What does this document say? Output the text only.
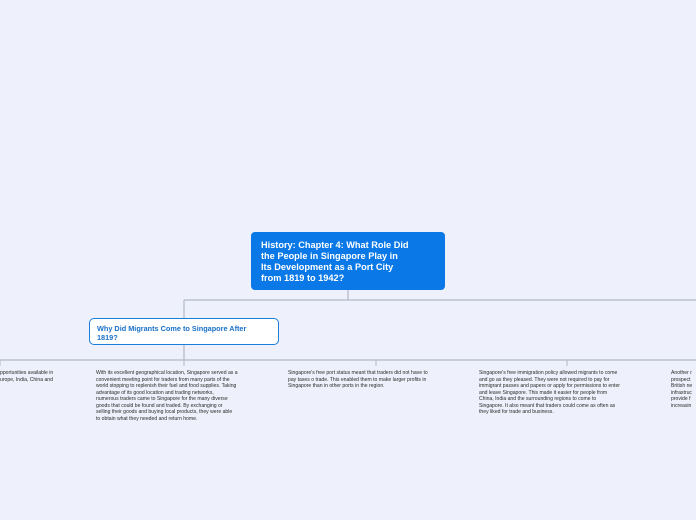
History: Chapter 4: What Role Did
the People in Singapore Play in
Its Development as a Port City
from 1819 to 1942?
Why Did Migrants Come to Singapore After
1819?
pportunities available in
urope, India, China and
With its excellent geographical location, Singapore served as a
convenient meeting point for traders from many parts of the
world stopping to replenish their fuel and food supplies. Taking
advantage of its good location and trading networks,
numerous traders came to Singapore for the many diverse
goods that could be found and traded. By exchanging or
selling their goods and buying local products, they were able
to obtain what they needed and return home.
Singapore's free port status meant that traders did not have to
pay taxes o trade. This enabled them to make larger profits in
Singapore than in other ports in the region.
Singapore's free immigration policy allowed migrants to come
and go as they pleased. They were not required to pay for
immigrant passes and papers or apply for permissions to enter
and leave Singapore. This made it easier for people from
China, India and the surrounding regions to come to
Singapore. It also meant that traders could come as often as
they liked for trade and business.
Another r
prospect
British ne
infrastruc
provide f
increasin
